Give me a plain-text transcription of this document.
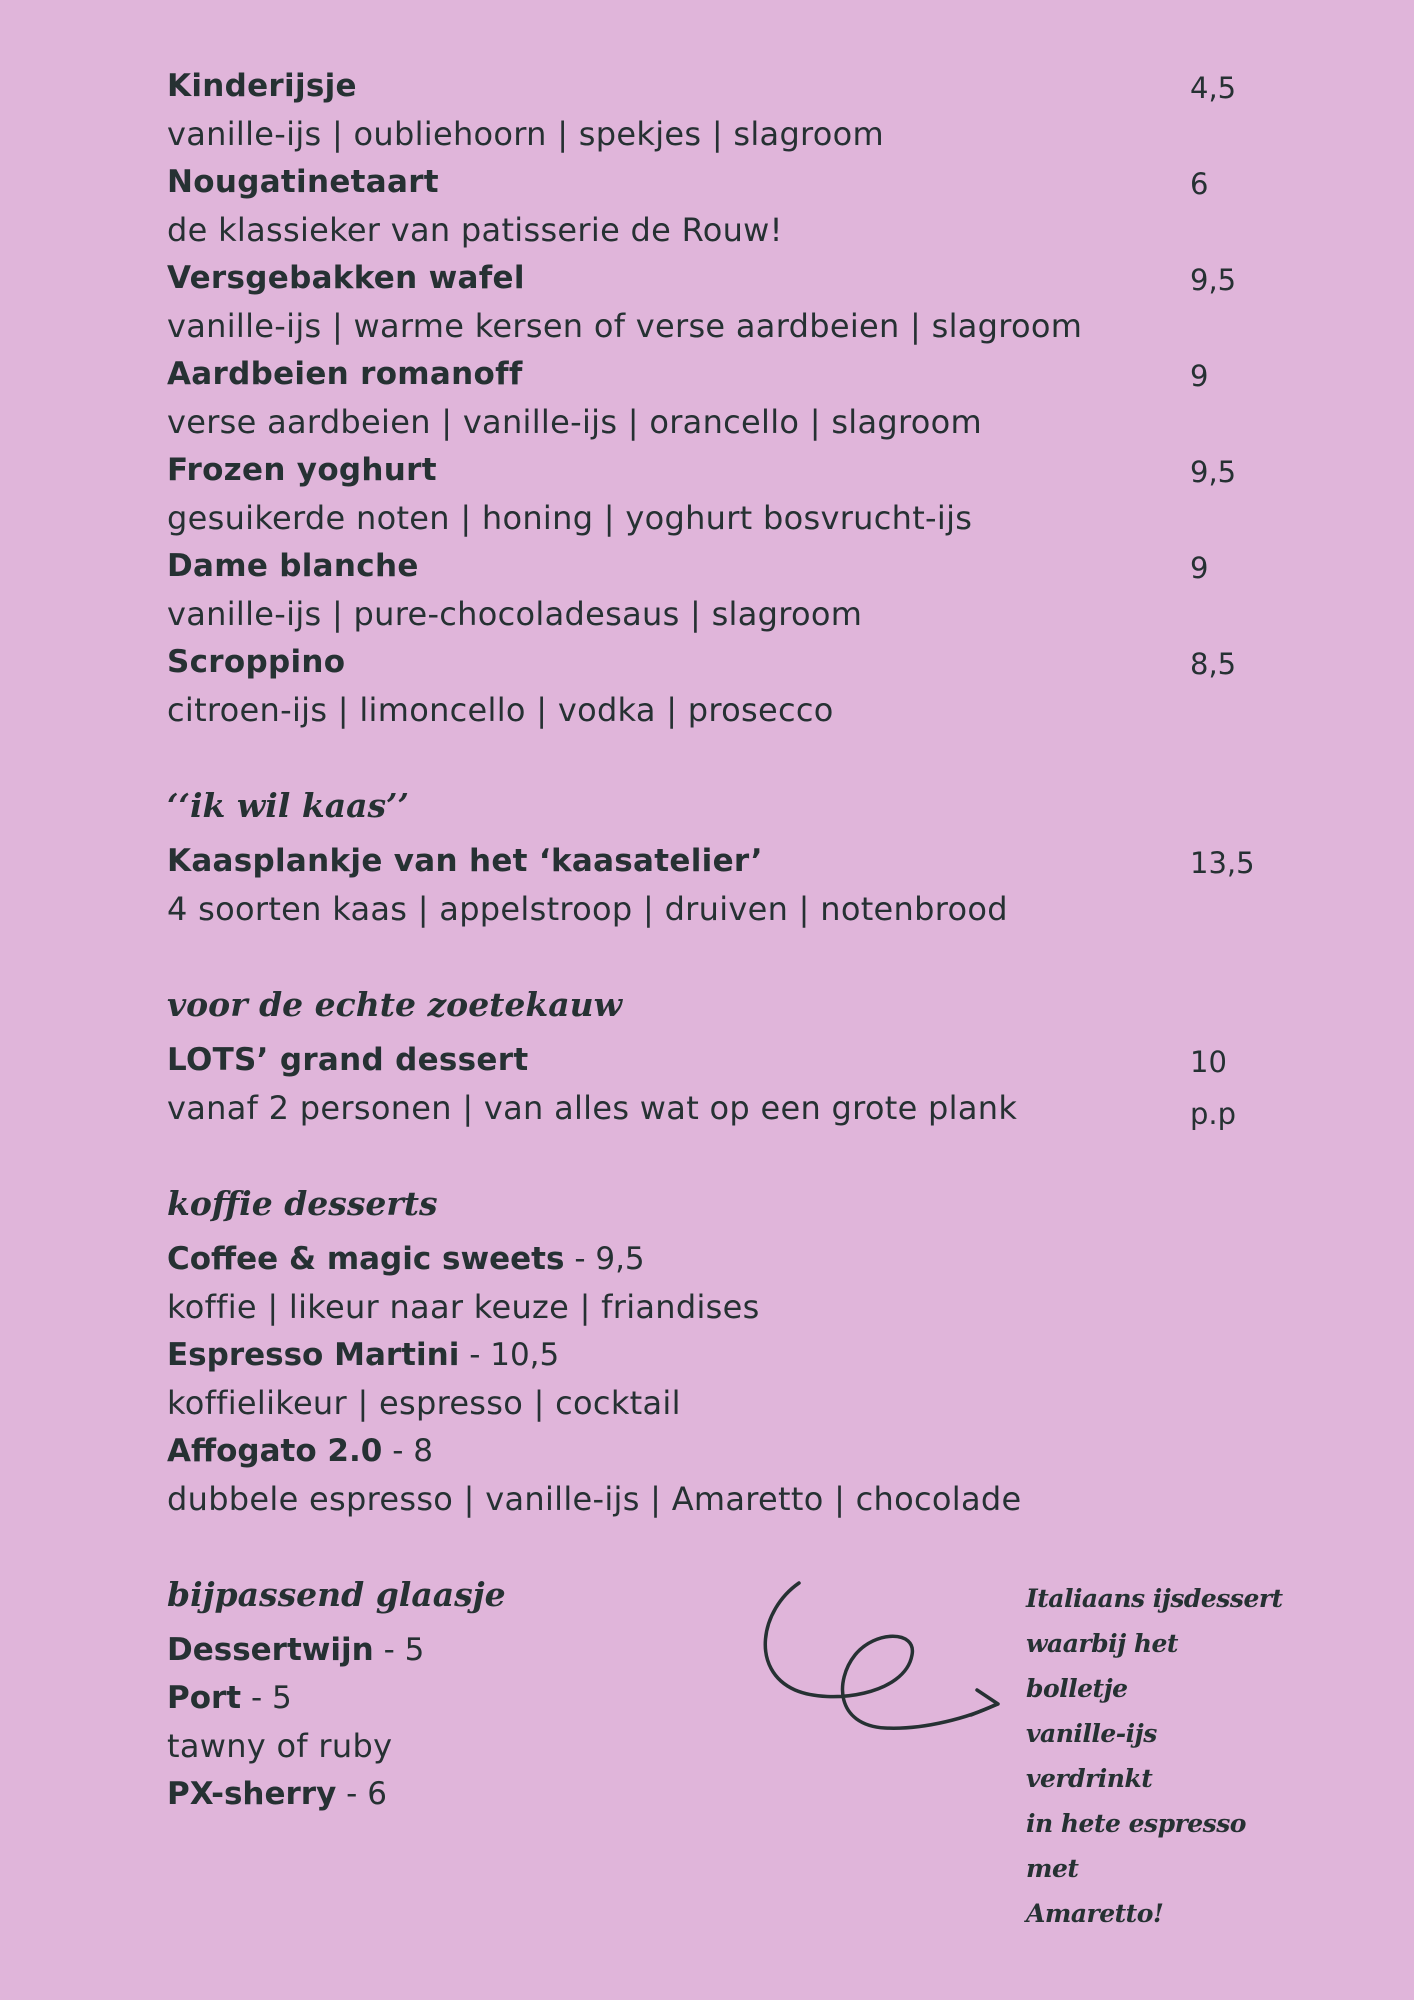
Kinderijsje
vanille-ijs | oubliehoorn | spekjes | slagroom
4,5
Nougatinetaart
de klassieker van patisserie de Rouw!
6
Versgebakken wafel
vanille-ijs | warme kersen of verse aardbeien | slagroom
9,5
Aardbeien romanoff
verse aardbeien | vanille-ijs | orancello | slagroom
9
Frozen yoghurt
gesuikerde noten | honing | yoghurt bosvrucht-ijs
9,5
Dame blanche
vanille-ijs | pure-chocoladesaus | slagroom
9
Scroppino
citroen-ijs | limoncello | vodka | prosecco
8,5
‘‘ik wil kaas’’
Kaasplankje van het ‘kaasatelier’
4 soorten kaas | appelstroop | druiven | notenbrood
13,5
voor de echte zoetekauw
LOTS’ grand dessert
vanaf 2 personen | van alles wat op een grote plank
10 p.p
koffie desserts
Coffee & magic sweets - 9,5
koffie | likeur naar keuze | friandises
Espresso Martini - 10,5
koffielikeur | espresso | cocktail
Affogato 2.0 - 8
dubbele espresso | vanille-ijs | Amaretto | chocolade
bijpassend glaasje
Dessertwijn - 5
Port - 5
tawny of ruby
PX-sherry - 6
Italiaans ijsdessert
waarbij het bolletje
vanille-ijs verdrinkt
in hete espresso met
Amaretto!
